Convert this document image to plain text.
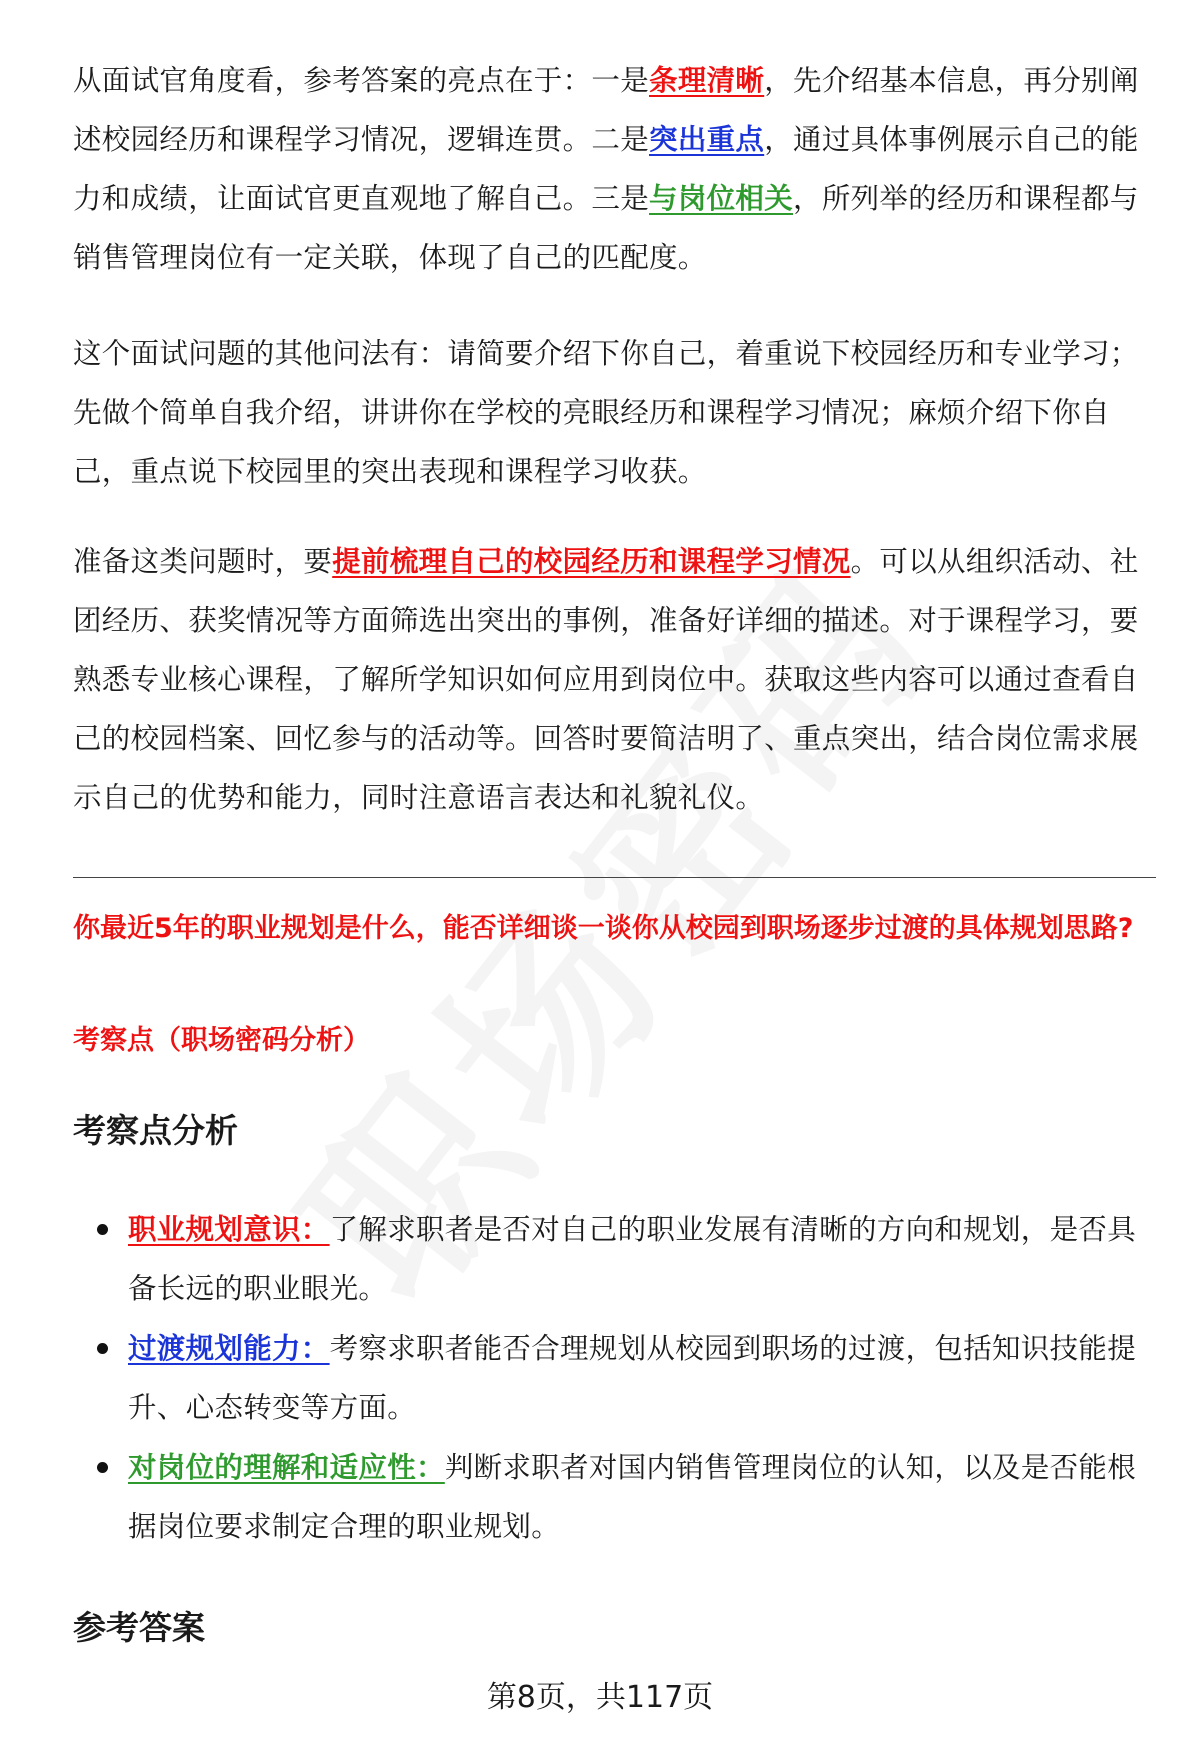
从面试官角度看，参考答案的亮点在于：一是条理清晰，先介绍基本信息，再分别阐述校园经历和课程学习情况，逻辑连贯。二是突出重点，通过具体事例展示自己的能力和成绩，让面试官更直观地了解自己。三是与岗位相关，所列举的经历和课程都与销售管理岗位有一定关联，体现了自己的匹配度。

这个面试问题的其他问法有：请简要介绍下你自己，着重说下校园经历和专业学习；先做个简单自我介绍，讲讲你在学校的亮眼经历和课程学习情况；麻烦介绍下你自己，重点说下校园里的突出表现和课程学习收获。

准备这类问题时，要提前梳理自己的校园经历和课程学习情况。可以从组织活动、社团经历、获奖情况等方面筛选出突出的事例，准备好详细的描述。对于课程学习，要熟悉专业核心课程，了解所学知识如何应用到岗位中。获取这些内容可以通过查看自己的校园档案、回忆参与的活动等。回答时要简洁明了、重点突出，结合岗位需求展示自己的优势和能力，同时注意语言表达和礼貌礼仪。

你最近5年的职业规划是什么，能否详细谈一谈你从校园到职场逐步过渡的具体规划思路?

考察点（职场密码分析）

考察点分析
职业规划意识：了解求职者是否对自己的职业发展有清晰的方向和规划，是否具备长远的职业眼光。
过渡规划能力：考察求职者能否合理规划从校园到职场的过渡，包括知识技能提升、心态转变等方面。
对岗位的理解和适应性：判断求职者对国内销售管理岗位的认知，以及是否能根据岗位要求制定合理的职业规划。
参考答案

第8页，共117页
